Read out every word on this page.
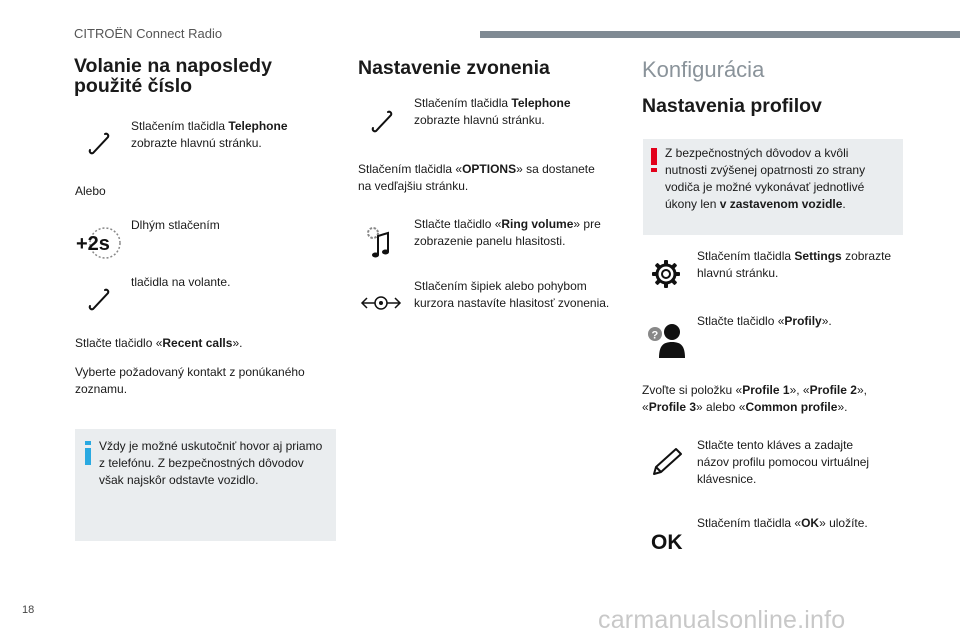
CITROËN Connect Radio
Volanie na naposledy
použité číslo
Stlačením tlačidla Telephone
zobrazte hlavnú stránku.
Alebo
+2s
Dlhým stlačením
tlačidla na volante.
Stlačte tlačidlo «Recent calls».
Vyberte požadovaný kontakt z ponúkaného
zoznamu.
Vždy je možné uskutočniť hovor aj priamo
z telefónu. Z bezpečnostných dôvodov
však najskôr odstavte vozidlo.
Nastavenie zvonenia
Stlačením tlačidla Telephone
zobrazte hlavnú stránku.
Stlačením tlačidla «OPTIONS» sa dostanete
na vedľajšiu stránku.
Stlačte tlačidlo «Ring volume» pre
zobrazenie panelu hlasitosti.
Stlačením šipiek alebo pohybom
kurzora nastavíte hlasitosť zvonenia.
Konfigurácia
Nastavenia profilov
Z bezpečnostných dôvodov a kvôli
nutnosti zvýšenej opatrnosti zo strany
vodiča je možné vykonávať jednotlivé
úkony len v zastavenom vozidle.
Stlačením tlačidla Settings zobrazte
hlavnú stránku.
?
Stlačte tlačidlo «Profily».
Zvoľte si položku «Profile 1», «Profile 2»,
«Profile 3» alebo «Common profile».
Stlačte tento kláves a zadajte
názov profilu pomocou virtuálnej
klávesnice.
OK
Stlačením tlačidla «OK» uložíte.
18	carmanualsonline.info
